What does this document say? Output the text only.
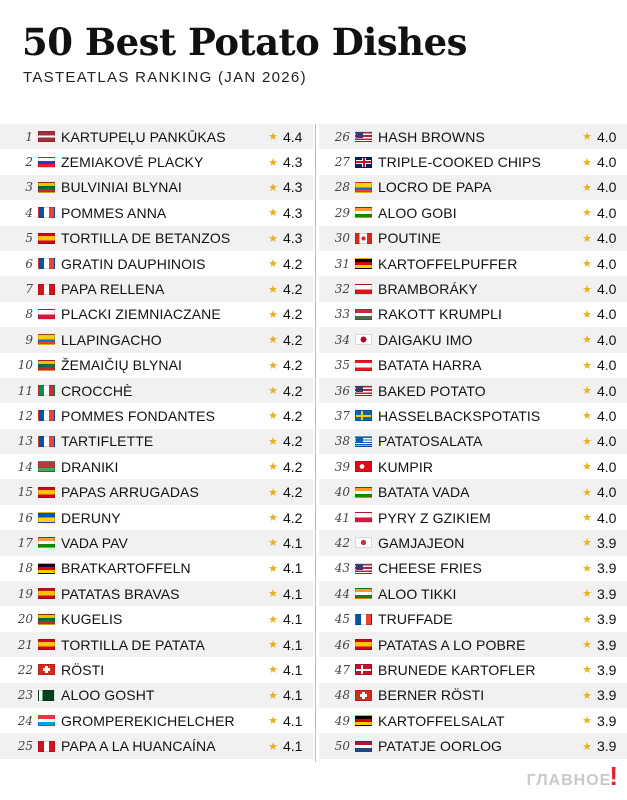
50 Best Potato Dishes
TASTEATLAS RANKING (JAN 2026)
1	KARTUPEĻU PANKŪKAS	★ 4.4
2	ZEMIAKOVÉ PLACKY	★ 4.3
3	BULVINIAI BLYNAI	★ 4.3
4	POMMES ANNA	★ 4.3
5	TORTILLA DE BETANZOS	★ 4.3
6	GRATIN DAUPHINOIS	★ 4.2
7	PAPA RELLENA	★ 4.2
8	PLACKI ZIEMNIACZANE	★ 4.2
9	LLAPINGACHO	★ 4.2
10	ŽEMAIČIŲ BLYNAI	★ 4.2
11	CROCCHÈ	★ 4.2
12	POMMES FONDANTES	★ 4.2
13	TARTIFLETTE	★ 4.2
14	DRANIKI	★ 4.2
15	PAPAS ARRUGADAS	★ 4.2
16	DERUNY	★ 4.2
17	VADA PAV	★ 4.1
18	BRATKARTOFFELN	★ 4.1
19	PATATAS BRAVAS	★ 4.1
20	KUGELIS	★ 4.1
21	TORTILLA DE PATATA	★ 4.1
22	RÖSTI	★ 4.1
23	ALOO GOSHT	★ 4.1
24	GROMPEREKICHELCHER	★ 4.1
25	PAPA A LA HUANCAÍNA	★ 4.1
26	HASH BROWNS	★ 4.0
27	TRIPLE-COOKED CHIPS	★ 4.0
28	LOCRO DE PAPA	★ 4.0
29	ALOO GOBI	★ 4.0
30	POUTINE	★ 4.0
31	KARTOFFELPUFFER	★ 4.0
32	BRAMBORÁKY	★ 4.0
33	RAKOTT KRUMPLI	★ 4.0
34	DAIGAKU IMO	★ 4.0
35	BATATA HARRA	★ 4.0
36	BAKED POTATO	★ 4.0
37	HASSELBACKSPOTATIS	★ 4.0
38	PATATOSALATA	★ 4.0
39	KUMPIR	★ 4.0
40	BATATA VADA	★ 4.0
41	PYRY Z GZIKIEM	★ 4.0
42	GAMJAJEON	★ 3.9
43	CHEESE FRIES	★ 3.9
44	ALOO TIKKI	★ 3.9
45	TRUFFADE	★ 3.9
46	PATATAS A LO POBRE	★ 3.9
47	BRUNEDE KARTOFLER	★ 3.9
48	BERNER RÖSTI	★ 3.9
49	KARTOFFELSALAT	★ 3.9
50	PATATJE OORLOG	★ 3.9
ГЛАВНОЕ!
